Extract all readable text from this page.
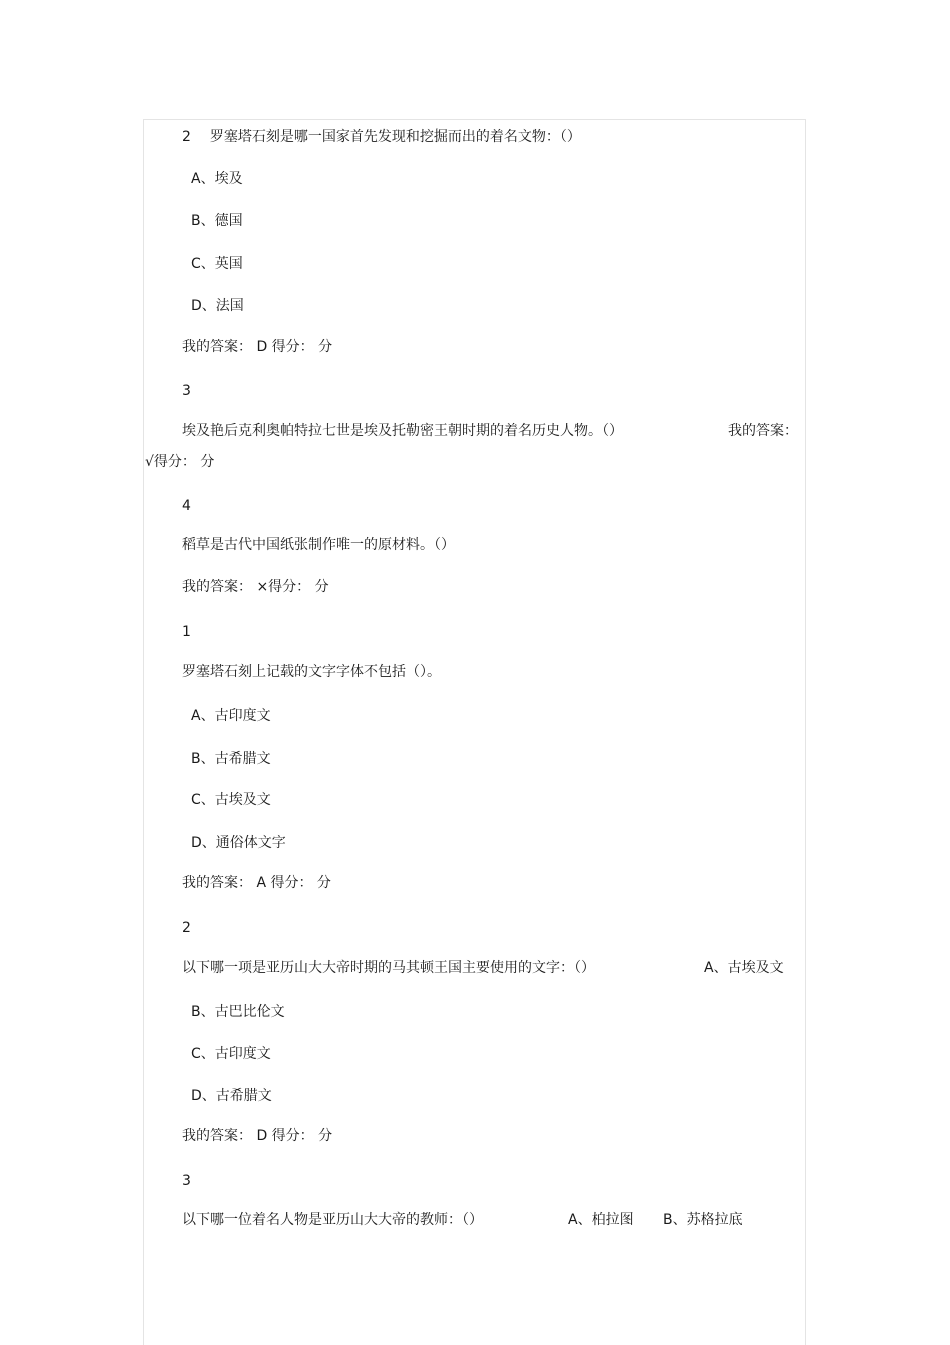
2 罗塞塔石刻是哪一国家首先发现和挖掘而出的着名文物：（）
A、埃及
B、德国
C、英国
D、法国
我的答案： D 得分： 分
3
埃及艳后克利奥帕特拉七世是埃及托勒密王朝时期的着名历史人物。（）	我的答案：
√得分： 分
4
稻草是古代中国纸张制作唯一的原材料。（）
我的答案： ×得分： 分
1
罗塞塔石刻上记载的文字字体不包括（）。
A、古印度文
B、古希腊文
C、古埃及文
D、通俗体文字
我的答案： A 得分： 分
2
以下哪一项是亚历山大大帝时期的马其顿王国主要使用的文字：（）	A、古埃及文
B、古巴比伦文
C、古印度文
D、古希腊文
我的答案： D 得分： 分
3
以下哪一位着名人物是亚历山大大帝的教师：（）	A、柏拉图 B、苏格拉底
